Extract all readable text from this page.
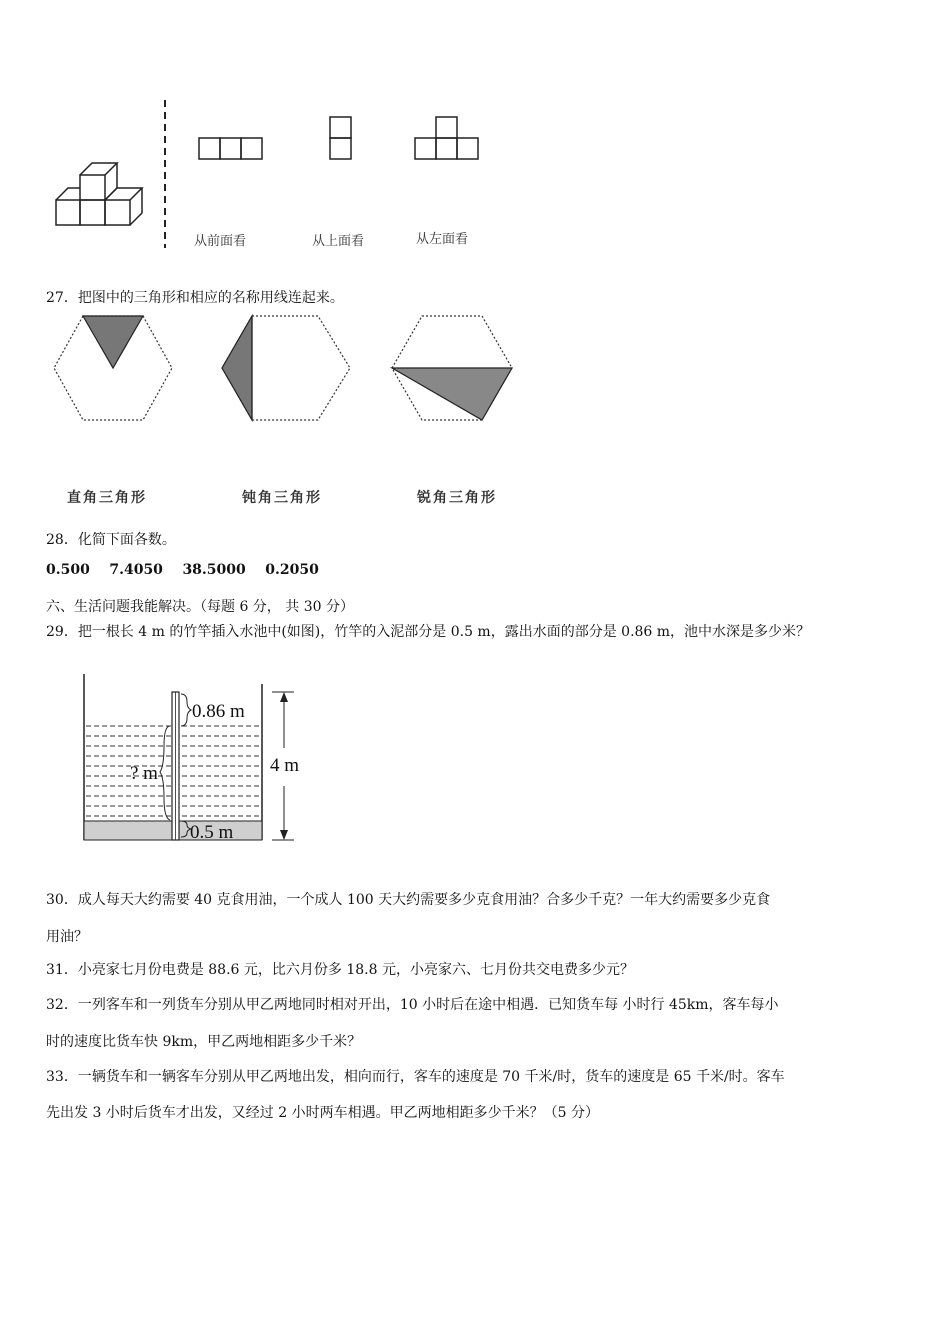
从前面看	从上面看	从左面看
27．把图中的三角形和相应的名称用线连起来。
直角三角形	钝角三角形	锐角三角形
28．化简下面各数。
0.500 7.4050 38.5000 0.2050
六、生活问题我能解决。（每题 6 分， 共 30 分）
29．把一根长 4 m 的竹竿插入水池中(如图)，竹竿的入泥部分是 0.5 m，露出水面的部分是 0.86 m，池中水深是多少米？
0.86 m
4 m
? m
0.5 m
30．成人每天大约需要 40 克食用油，一个成人 100 天大约需要多少克食用油？合多少千克？一年大约需要多少克食
用油？
31．小亮家七月份电费是 88.6 元，比六月份多 18.8 元，小亮家六、七月份共交电费多少元？
32．一列客车和一列货车分别从甲乙两地同时相对开出，10 小时后在途中相遇．已知货车每 小时行 45km，客车每小
时的速度比货车快 9km，甲乙两地相距多少千米？
33．一辆货车和一辆客车分别从甲乙两地出发，相向而行，客车的速度是 70 千米/时，货车的速度是 65 千米/时。客车
先出发 3 小时后货车才出发，又经过 2 小时两车相遇。甲乙两地相距多少千米？（5 分）
